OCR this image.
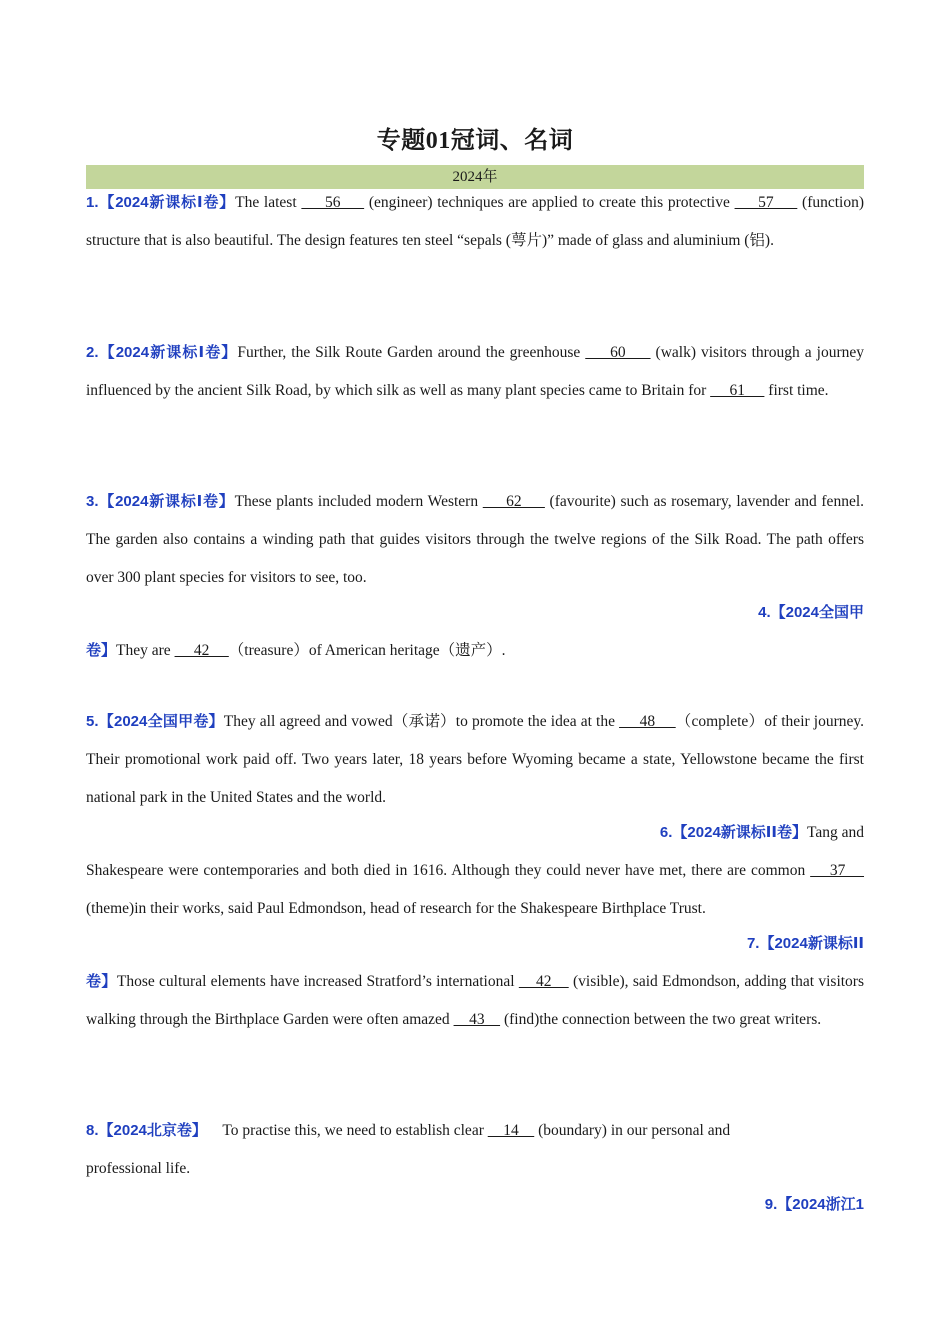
专题01冠词、名词
2024年
1.【2024新课标Ⅰ卷】The latest      56      (engineer) techniques are applied to create this protective      57      (function) structure that is also beautiful. The design features ten steel “sepals (萼片)” made of glass and aluminium (铝).
2.【2024新课标Ⅰ卷】Further, the Silk Route Garden around the greenhouse      60      (walk) visitors through a journey influenced by the ancient Silk Road, by which silk as well as many plant species came to Britain for      61      first time.
3.【2024新课标Ⅰ卷】These plants included modern Western      62      (favourite) such as rosemary, lavender and fennel. The garden also contains a winding path that guides visitors through the twelve regions of the Silk Road. The path offers over 300 plant species for visitors to see, too.
4.【2024全国甲
卷】They are      42     （treasure）of American heritage（遗产）.
5.【2024全国甲卷】They all agreed and vowed（承诺）to promote the idea at the      48     （complete）of their journey. Their promotional work paid off. Two years later, 18 years before Wyoming became a state, Yellowstone became the first national park in the United States and the world.
6.【2024新课标ⅠⅠ卷】Tang and
Shakespeare were contemporaries and both died in 1616. Although they could never have met, there are common     37     (theme)in their works, said Paul Edmondson, head of research for the Shakespeare Birthplace Trust.
7.【2024新课标ⅠⅠ
卷】Those cultural elements have increased Stratford’s international     42     (visible), said Edmondson, adding that visitors walking through the Birthplace Garden were often amazed     43     (find)the connection between the two great writers.
8.【2024北京卷】 To practise this, we need to establish clear     14     (boundary) in our personal and professional life.
9.【2024浙江1
